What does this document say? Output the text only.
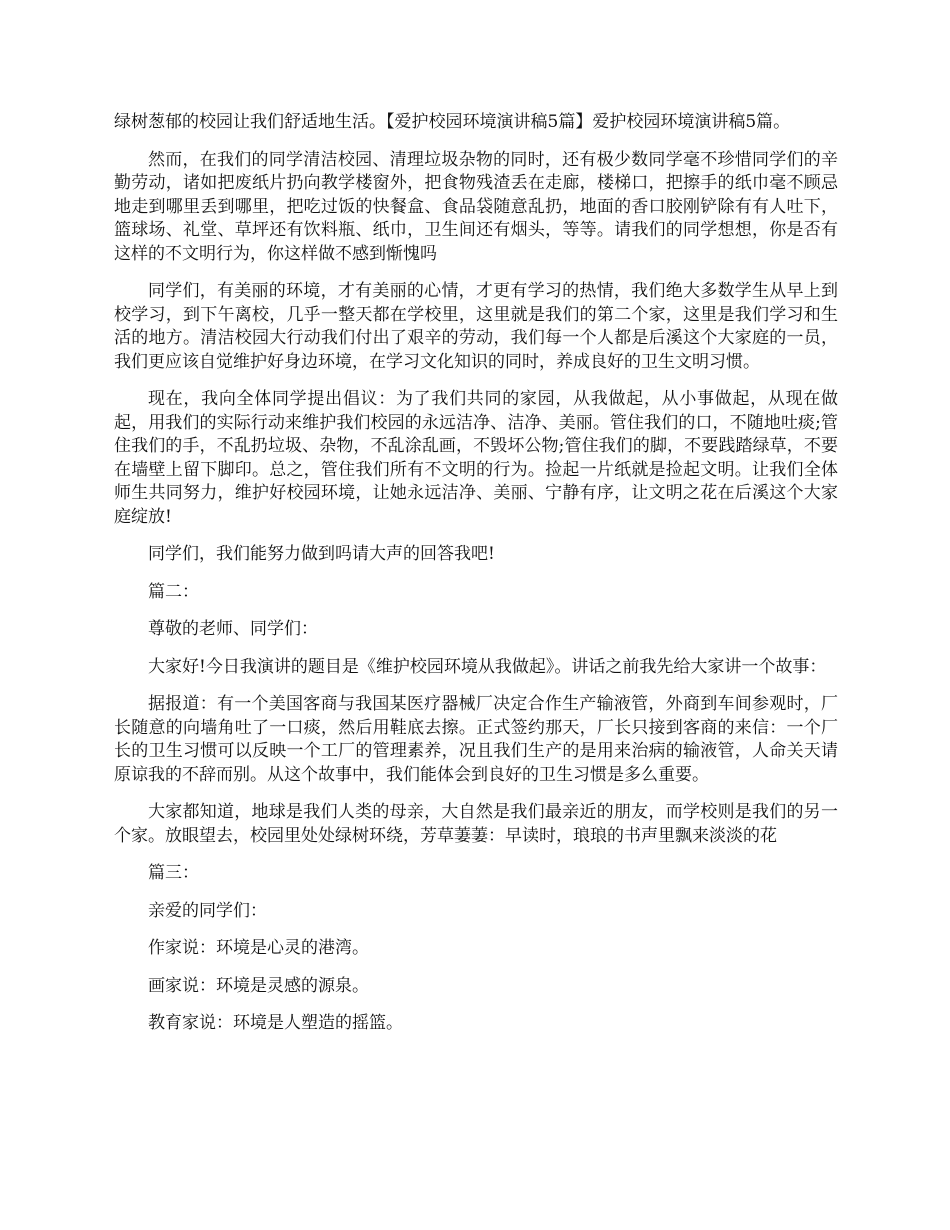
绿树葱郁的校园让我们舒适地生活。【爱护校园环境演讲稿5篇】爱护校园环境演讲稿5篇。

然而，在我们的同学清洁校园、清理垃圾杂物的同时，还有极少数同学毫不珍惜同学们的辛勤劳动，诸如把废纸片扔向教学楼窗外，把食物残渣丢在走廊，楼梯口，把擦手的纸巾毫不顾忌地走到哪里丢到哪里，把吃过饭的快餐盒、食品袋随意乱扔，地面的香口胶刚铲除有有人吐下，篮球场、礼堂、草坪还有饮料瓶、纸巾，卫生间还有烟头，等等。请我们的同学想想，你是否有这样的不文明行为，你这样做不感到惭愧吗

同学们，有美丽的环境，才有美丽的心情，才更有学习的热情，我们绝大多数学生从早上到校学习，到下午离校，几乎一整天都在学校里，这里就是我们的第二个家，这里是我们学习和生活的地方。清洁校园大行动我们付出了艰辛的劳动，我们每一个人都是后溪这个大家庭的一员，我们更应该自觉维护好身边环境，在学习文化知识的同时，养成良好的卫生文明习惯。

现在，我向全体同学提出倡议：为了我们共同的家园，从我做起，从小事做起，从现在做起，用我们的实际行动来维护我们校园的永远洁净、洁净、美丽。管住我们的口，不随地吐痰;管住我们的手，不乱扔垃圾、杂物，不乱涂乱画，不毁坏公物;管住我们的脚，不要践踏绿草，不要在墙壁上留下脚印。总之，管住我们所有不文明的行为。捡起一片纸就是捡起文明。让我们全体师生共同努力，维护好校园环境，让她永远洁净、美丽、宁静有序，让文明之花在后溪这个大家庭绽放!

同学们，我们能努力做到吗请大声的回答我吧!

篇二：

尊敬的老师、同学们：

大家好!今日我演讲的题目是《维护校园环境从我做起》。讲话之前我先给大家讲一个故事：

据报道：有一个美国客商与我国某医疗器械厂决定合作生产输液管，外商到车间参观时，厂长随意的向墙角吐了一口痰，然后用鞋底去擦。正式签约那天，厂长只接到客商的来信：一个厂长的卫生习惯可以反映一个工厂的管理素养，况且我们生产的是用来治病的输液管，人命关天请原谅我的不辞而别。从这个故事中，我们能体会到良好的卫生习惯是多么重要。

大家都知道，地球是我们人类的母亲，大自然是我们最亲近的朋友，而学校则是我们的另一个家。放眼望去，校园里处处绿树环绕，芳草萋萋：早读时，琅琅的书声里飘来淡淡的花

篇三：

亲爱的同学们：

作家说：环境是心灵的港湾。

画家说：环境是灵感的源泉。

教育家说：环境是人塑造的摇篮。
